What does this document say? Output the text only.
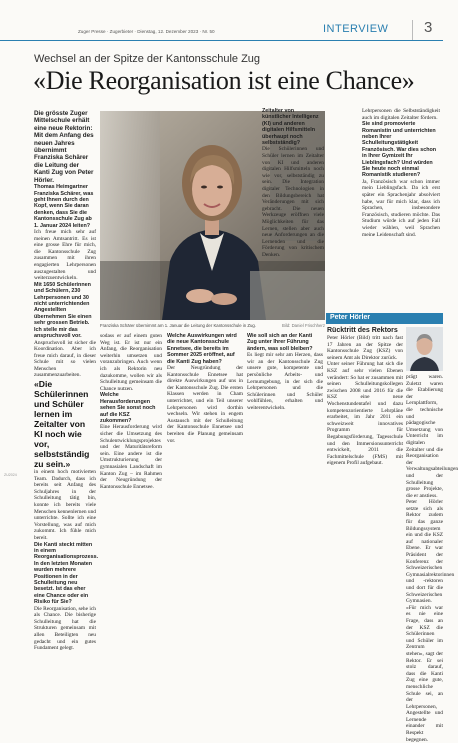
Zuger Presse · Zugerbieter · Dienstag, 12. Dezember 2023 · Nr. 50	INTERVIEW 3
Wechsel an der Spitze der Kantonsschule Zug
«Die Reorganisation ist eine Chance»

Die grösste Zuger Mittelschule erhält eine neue Rektorin: Mit dem Anfang des neuen Jahres übernimmt Franziska Schärer die Leitung der Kanti Zug von Peter Hörler.

Thomas Heimgartner

Franziska Schärer, was geht Ihnen durch den Kopf, wenn Sie daran denken, dass Sie die Kantonsschule Zug ab 1. Januar 2024 leiten?

Ich freue mich sehr auf meinen Amtsantritt. Es ist eine grosse Ehre für mich, die Kantonsschule Zug zusammen mit ihren engagierten Lehrpersonen auszugestalten und weiterzuentwickeln.

Mit 1650 Schülerinnen und Schülern, 230 Lehrpersonen und 30 nicht unterrichtenden Angestellten übernehmen Sie einen sehr grossen Betrieb. Ich stelle mir das anspruchsvoll vor.

Anspruchsvoll ist sicher die Koordination. Aber ich freue mich darauf, in dieser Schule mit so vielen Menschen zusammenzuarbeiten.

«Die Schülerinnen und Schüler lernen im Zeitalter von KI noch wie vor, selbstständig zu sein.»

in einem hoch motivierten Team. Dadurch, dass ich bereits seit Anfang des Schuljahres in der Schulleitung tätig bin, konnte ich bereits viele Menschen kennenlernen und unterrichte. Sollte ich eine Vorstellung, was auf mich zukommt. Ich fühle mich bereit.

Die Kanti steckt mitten in einem Reorganisationsprozess. In den letzten Monaten wurden mehrere Positionen in der Schulleitung neu besetzt. Ist das eher eine Chance oder ein Risiko für Sie?

Die Reorganisation, sehe ich als Chance. Die bisherige Schulleitung hat die Strukturen gemeinsam mit allen Beteiligten neu gedacht und ein gutes Fundament gelegt.

Franziska Schärer übernimmt am 1. Januar die Leitung der Kantonsschule in Zug.	Bild: Daniel Frischherz

sodass er auf einem guten Weg ist. Er ist nur ein Anfang, die Reorganisation weiterhin umsetzen und voranzubringen. Auch wenn ich als Rektorin neu dazukomme, wollen wir als Schulleitung gemeinsam die Chance nutzen.

Welche Herausforderungen sehen Sie sonst noch auf die KSZ zukommen?

Eine Herausforderung wird sicher die Umsetzung des Schulentwicklungsprojektes und der Maturitätsreform sein. Eine andere ist die Umstrukturierung der gymnasialen Landschaft im Kanton Zug – im Rahmen der Neugründung der Kantonsschule Ennetsee.

Welche Auswirkungen wird die neue Kantonsschule Ennetsee, die bereits im Sommer 2025 eröffnet, auf die Kanti Zug haben?

Der Neugründung der Kantonsschule Ennetsee hat direkte Auswirkungen auf uns in der Kantonsschule Zug. Die ersten Klassen werden in Cham unterrichtet, und ein Teil unserer Lehrpersonen wird dorthin wechseln. Wir stehen in engem Austausch mit der Schulleitung der Kantonsschule Ennetsee und bereiten die Planung gemeinsam vor.

Wie soll sich an der Kanti Zug unter Ihrer Führung ändern, was soll bleiben?

Es liegt mir sehr am Herzen, dass wir an der Kantonsschule Zug unsere gute, kompetente und persönliche Arbeits- und Lernumgebung, in der sich die Lehrpersonen und die Schülerinnen und Schüler wohlfühlen, erhalten und weiterentwickeln.

Zeitalter von künstlicher Intelligenz (KI) und anderen digitalen Hilfsmitteln überhaupt noch selbstständig?

Die Schülerinnen und Schüler lernen im Zeitalter von KI und anderen digitalen Hilfsmitteln noch wie vor, selbstständig zu sein. Die Integration digitaler Technologien in den Bildungsbereich hat Veränderungen mit sich gebracht. Die neuen Werkzeuge eröffnen viele Möglichkeiten für das Lernen, stellen aber auch neue Anforderungen an die Lernenden und die Förderung von kritischem Denken.

Lehrpersonen die Selbstständigkeit auch im digitalen Zeitalter fördern.

Sie sind promovierte Romanistin und unterrichten neben Ihrer Schulleitungstätigkeit Französisch. War dies schon in Ihrer Gymizeit Ihr Lieblingsfach? Und würden Sie heute noch einmal Romanistik studieren?

Ja, Französisch war schon immer mein Lieblingsfach. Da ich erst später ein Sprachenjahr absolviert habe, war für mich klar, dass ich Sprachen, insbesondere Französisch, studieren möchte. Das Studium würde ich auf jeden Fall wieder wählen, weil Sprachen meine Leidenschaft sind.

Peter Hörler

Rücktritt des Rektors

Peter Hörler (Bild) tritt nach fast 17 Jahren an der Spitze der Kantonsschule Zug (KSZ) von seinem Amt als Direktor zurück.

Unter seiner Führung hat sich die KSZ auf sehr vielen Ebenen verändert: So hat er zusammen mit seinen Schulleitungskollegen zwischen 2008 und 2016 für die KSZ eine neue Wochenstundentafel und dazu kompetenzorientierte Lehrpläne erarbeitet, im Jahr 2011 ein schweizweit innovatives Programm für Begabungsförderung, Tagesschule und den Immersionsunterricht entwickelt, 2011 die Fachmittelschule (FMS) mit eigenem Profil aufgebaut.

prägt waren. Zuletzt waren die Etablierung der Lernplattform, die technische und pädagogische Umsetzung von Unterricht im digitalen Zeitalter und die Reorganisation der Verwaltungsabteilungen und der Schulleitung grosse Projekte, die er anstiess.

Peter Hörler setzte sich als Rektor zudem für das ganze Bildungssystem ein und die KSZ auf nationaler Ebene. Er war Präsident der Konferenz der Schweizerischen Gymnasialrektorinnen und -rektoren und dort für die Schweizerischen Gymnasien.

«Für mich war es nie eine Frage, dass an der KSZ die Schülerinnen und Schüler im Zentrum stehen», sagt der Rektor. Er sei stolz darauf, dass die Kanti Zug eine gute, menschliche Schule sei, an der Lehrpersonen, Angestellte und Lernende einander mit Respekt begegnen.

ZU2024
